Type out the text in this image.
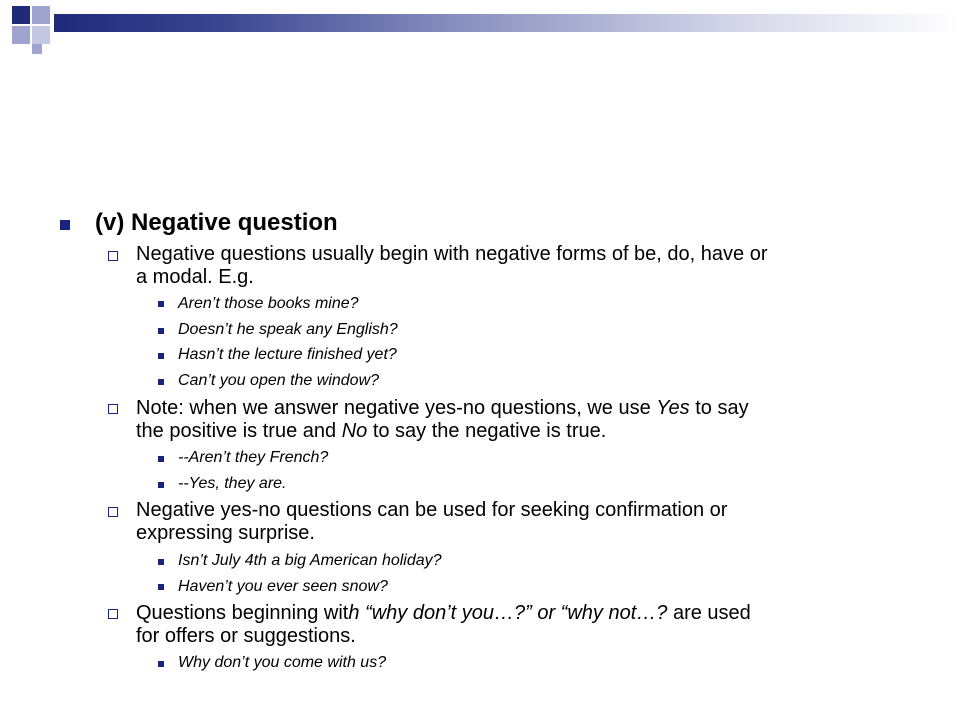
(v) Negative question
Negative questions usually begin with negative forms of be, do, have or
a modal. E.g.
Aren’t those books mine?
Doesn’t he speak any English?
Hasn’t the lecture finished yet?
Can’t you open the window?
Note: when we answer negative yes-no questions, we use Yes to say
the positive is true and No to say the negative is true.
--Aren’t they French?
--Yes, they are.
Negative yes-no questions can be used for seeking confirmation or
expressing surprise.
Isn’t July 4th a big American holiday?
Haven’t you ever seen snow?
Questions beginning with “why don’t you…?” or “why not…? are used
for offers or suggestions.
Why don’t you come with us?
